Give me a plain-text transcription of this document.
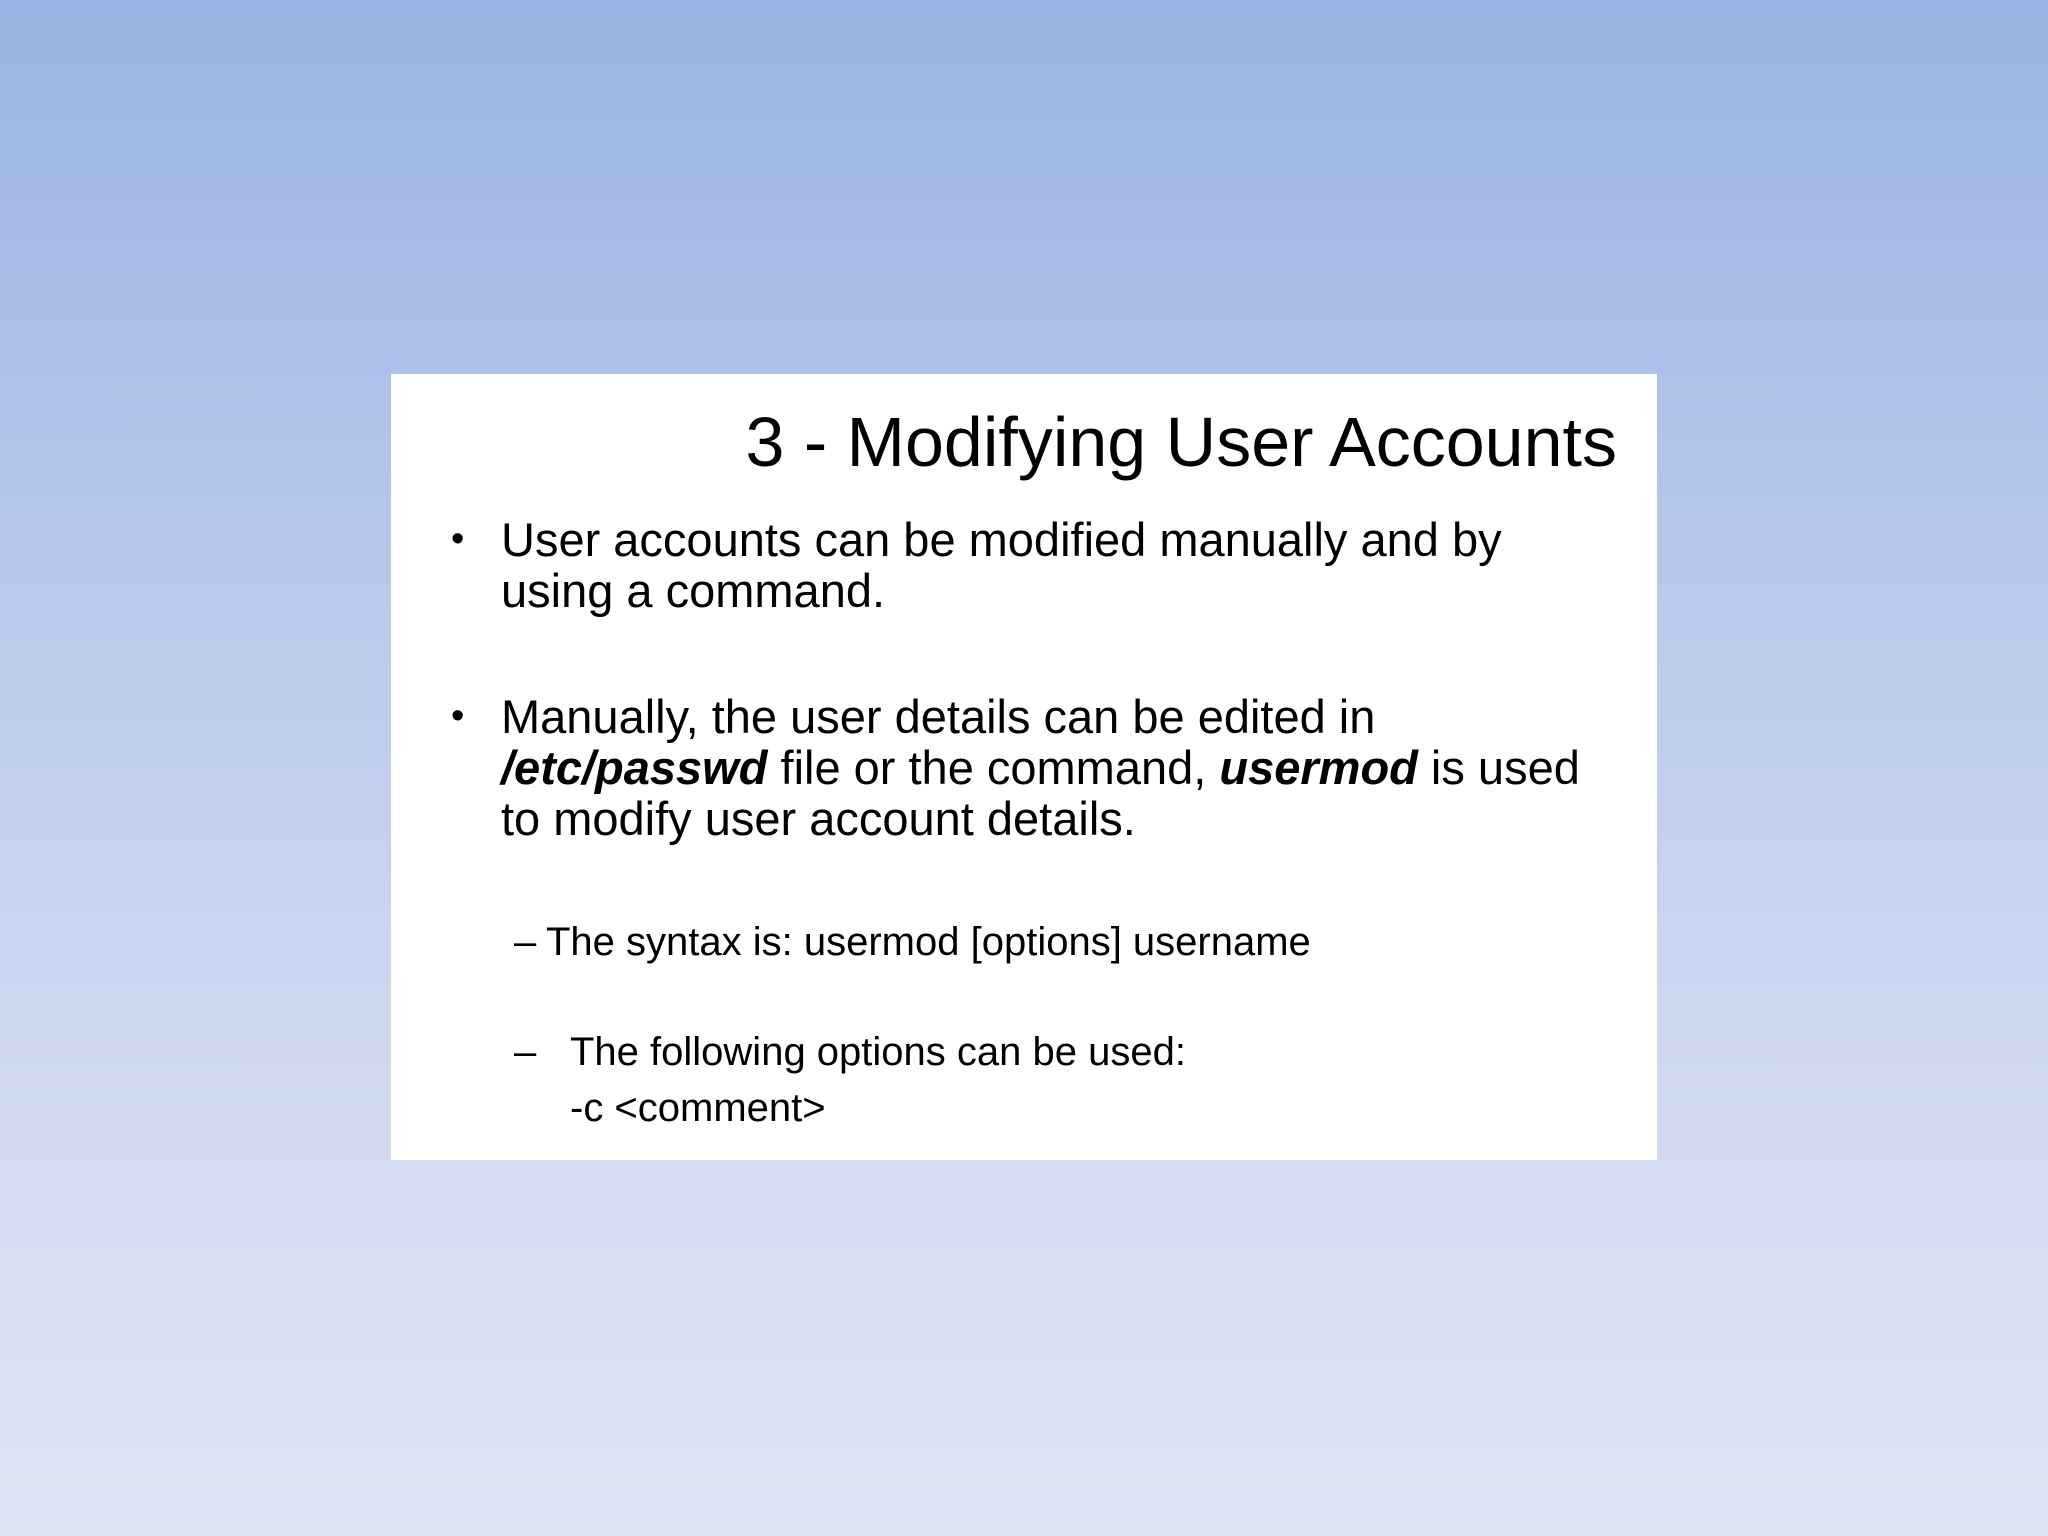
3 - Modifying User Accounts
• User accounts can be modified manually and by using a command.
• Manually, the user details can be edited in /etc/passwd file or the command, usermod is used to modify user account details.
– The syntax is: usermod [options] username
– The following options can be used:
-c <comment>
